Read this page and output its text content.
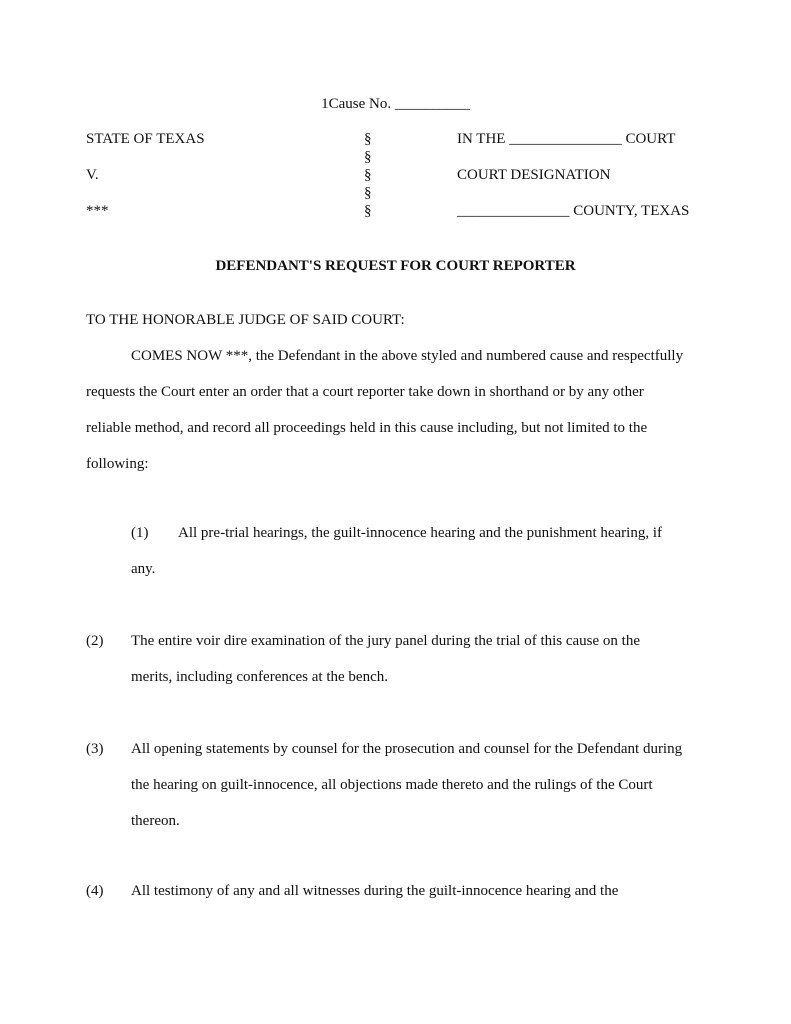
1Cause No. __________
STATE OF TEXAS
V.
***
§
§
§
§
§
IN THE _______________ COURT
COURT DESIGNATION
_______________ COUNTY, TEXAS
DEFENDANT'S REQUEST FOR COURT REPORTER
TO THE HONORABLE JUDGE OF SAID COURT:
COMES NOW ***, the Defendant in the above styled and numbered cause and respectfully
requests the Court enter an order that a court reporter take down in shorthand or by any other
reliable method, and record all proceedings held in this cause including, but not limited to the
following:
(1) All pre-trial hearings, the guilt-innocence hearing and the punishment hearing, if
any.
(2) The entire voir dire examination of the jury panel during the trial of this cause on the
merits, including conferences at the bench.
(3) All opening statements by counsel for the prosecution and counsel for the Defendant during
the hearing on guilt-innocence, all objections made thereto and the rulings of the Court
thereon.
(4) All testimony of any and all witnesses during the guilt-innocence hearing and the
